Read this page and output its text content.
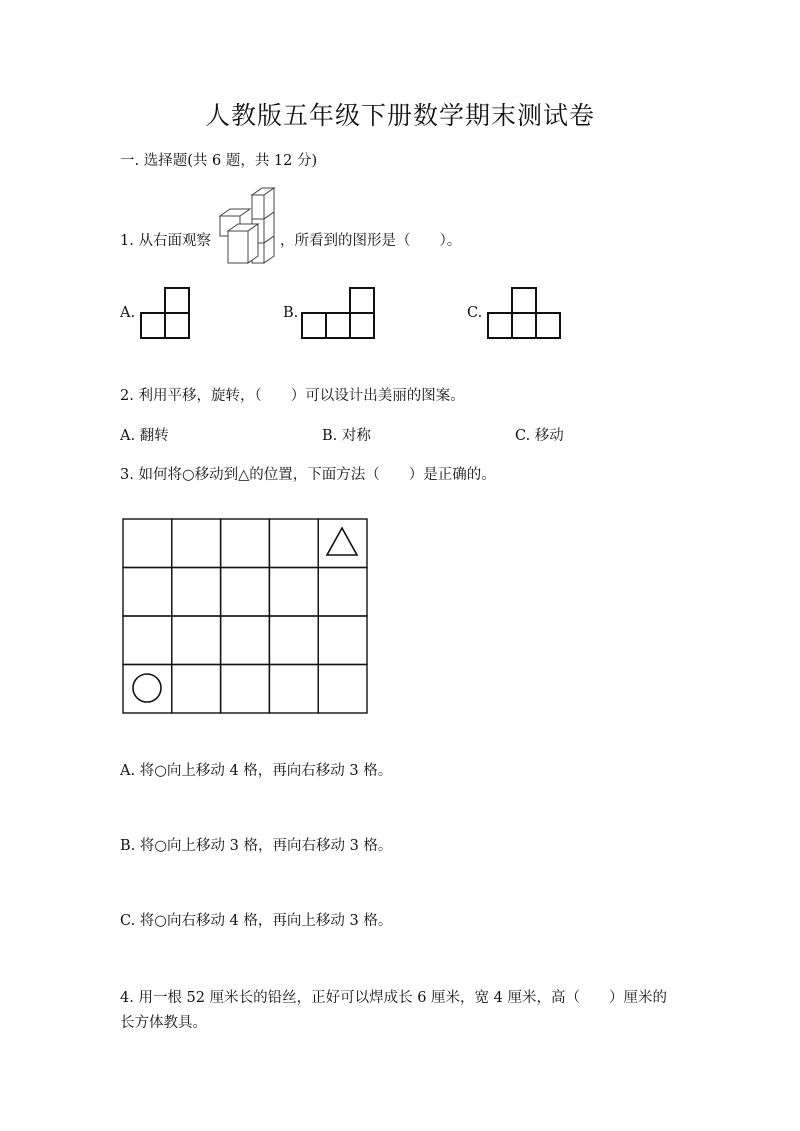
人教版五年级下册数学期末测试卷
一. 选择题(共 6 题，共 12 分)
1. 从右面观察	，所看到的图形是（　　）。
A.	B.	C.
2. 利用平移，旋转，（　　）可以设计出美丽的图案。
A. 翻转	B. 对称	C. 移动
3. 如何将○移动到△的位置，下面方法（　　）是正确的。
A. 将○向上移动 4 格，再向右移动 3 格。
B. 将○向上移动 3 格，再向右移动 3 格。
C. 将○向右移动 4 格，再向上移动 3 格。
4. 用一根 52 厘米长的铅丝，正好可以焊成长 6 厘米，宽 4 厘米，高（　　）厘米的长方体教具。
